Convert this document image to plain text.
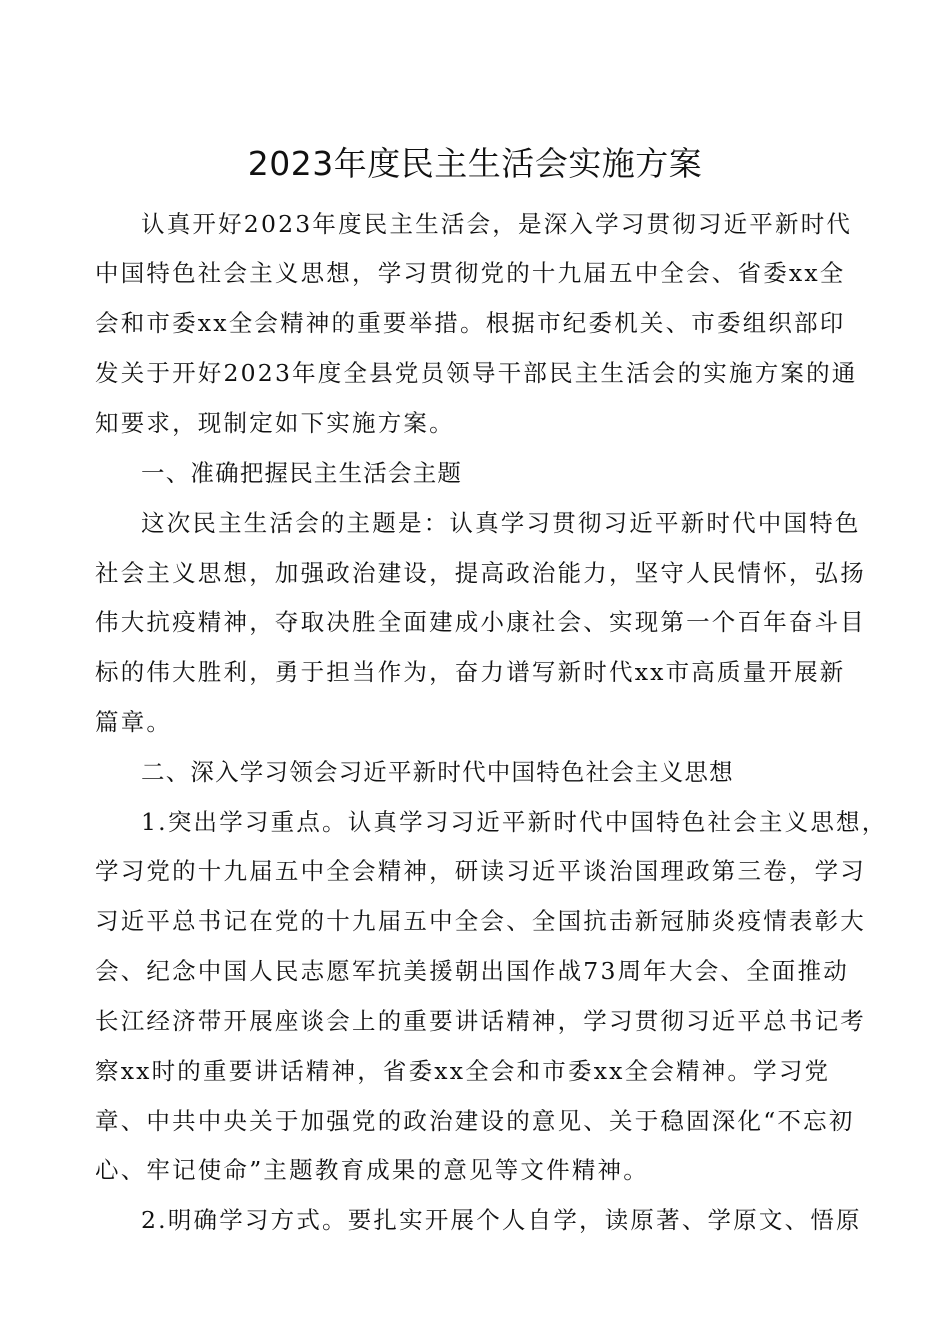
2023年度民主生活会实施方案
认真开好2023年度民主生活会，是深入学习贯彻习近平新时代
中国特色社会主义思想，学习贯彻党的十九届五中全会、省委xx全
会和市委xx全会精神的重要举措。根据市纪委机关、市委组织部印
发关于开好2023年度全县党员领导干部民主生活会的实施方案的通
知要求，现制定如下实施方案。
一、准确把握民主生活会主题
这次民主生活会的主题是：认真学习贯彻习近平新时代中国特色
社会主义思想，加强政治建设，提高政治能力，坚守人民情怀，弘扬
伟大抗疫精神，夺取决胜全面建成小康社会、实现第一个百年奋斗目
标的伟大胜利，勇于担当作为，奋力谱写新时代xx市高质量开展新
篇章。
二、深入学习领会习近平新时代中国特色社会主义思想
1.突出学习重点。认真学习习近平新时代中国特色社会主义思想，
学习党的十九届五中全会精神，研读习近平谈治国理政第三卷，学习
习近平总书记在党的十九届五中全会、全国抗击新冠肺炎疫情表彰大
会、纪念中国人民志愿军抗美援朝出国作战73周年大会、全面推动
长江经济带开展座谈会上的重要讲话精神，学习贯彻习近平总书记考
察xx时的重要讲话精神，省委xx全会和市委xx全会精神。学习党
章、中共中央关于加强党的政治建设的意见、关于稳固深化“不忘初
心、牢记使命”主题教育成果的意见等文件精神。
2.明确学习方式。要扎实开展个人自学，读原著、学原文、悟原
